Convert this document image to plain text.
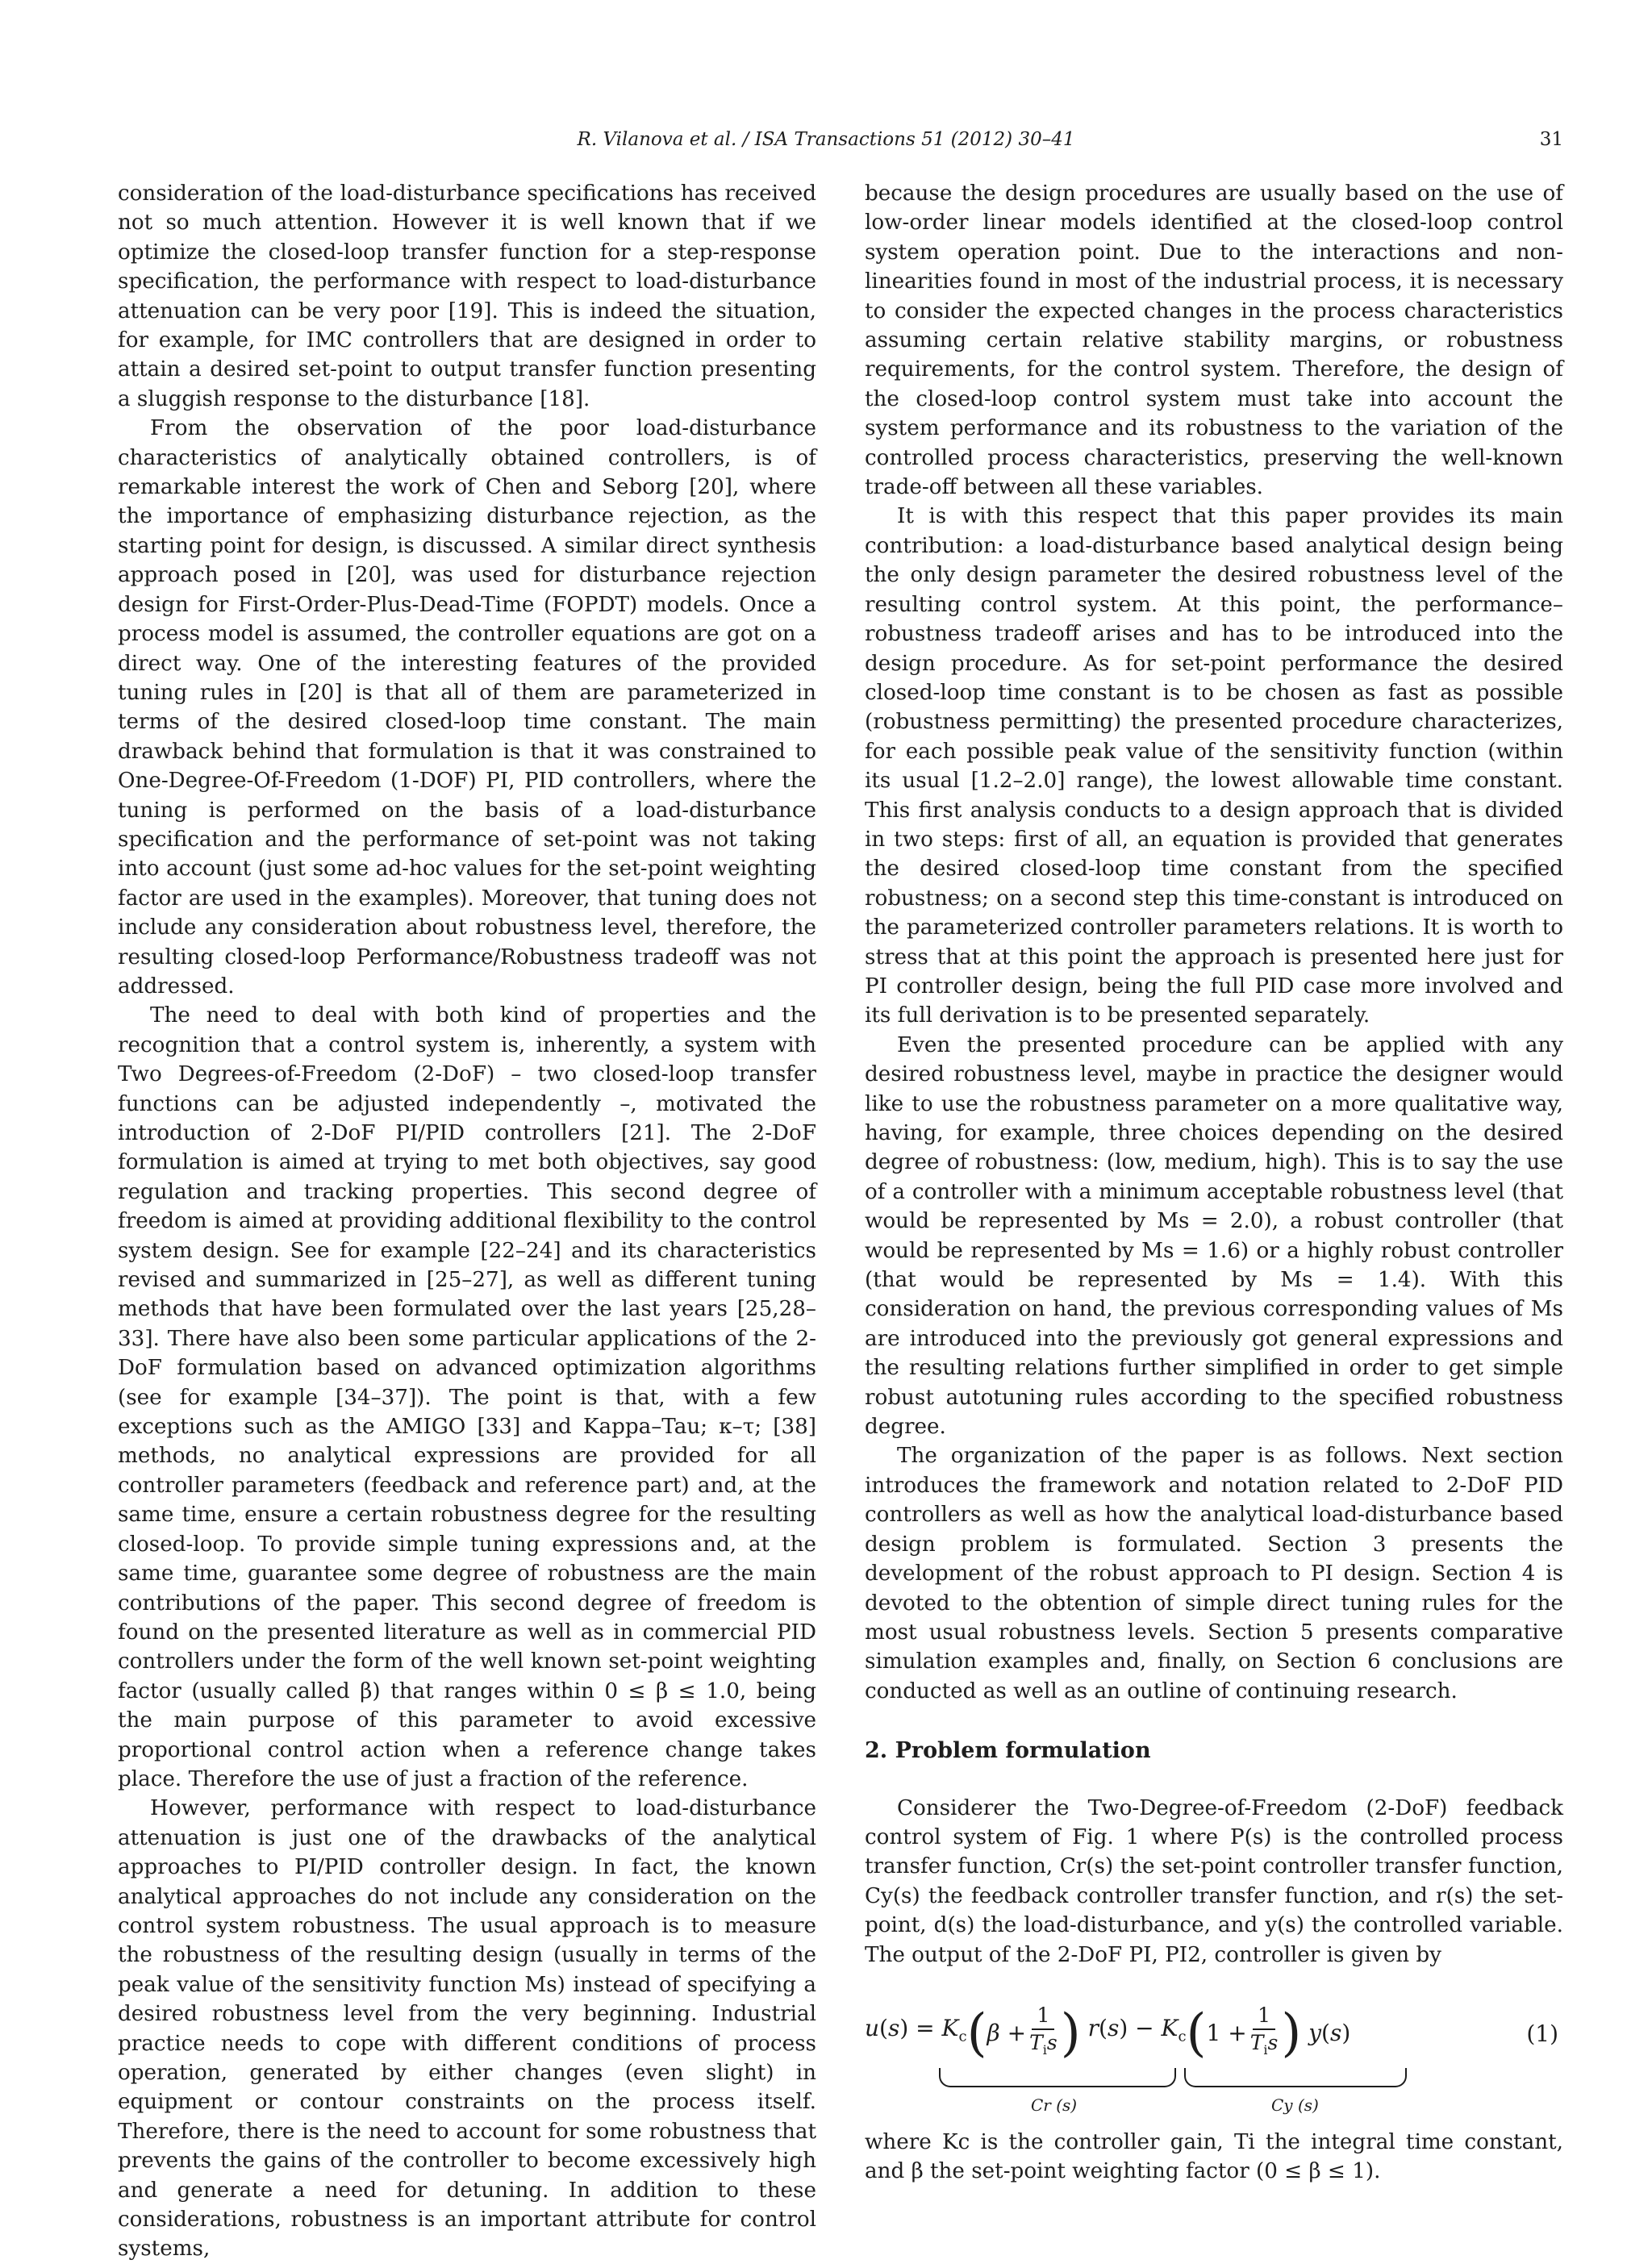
R. Vilanova et al. / ISA Transactions 51 (2012) 30–41	31

consideration of the load-disturbance specifications has received not so much attention. However it is well known that if we optimize the closed-loop transfer function for a step-response specification, the performance with respect to load-disturbance attenuation can be very poor [19]. This is indeed the situation, for example, for IMC controllers that are designed in order to attain a desired set-point to output transfer function presenting a sluggish response to the disturbance [18].

From the observation of the poor load-disturbance characteristics of analytically obtained controllers, is of remarkable interest the work of Chen and Seborg [20], where the importance of emphasizing disturbance rejection, as the starting point for design, is discussed. A similar direct synthesis approach posed in [20], was used for disturbance rejection design for First-Order-Plus-Dead-Time (FOPDT) models. Once a process model is assumed, the controller equations are got on a direct way. One of the interesting features of the provided tuning rules in [20] is that all of them are parameterized in terms of the desired closed-loop time constant. The main drawback behind that formulation is that it was constrained to One-Degree-Of-Freedom (1-DOF) PI, PID controllers, where the tuning is performed on the basis of a load-disturbance specification and the performance of set-point was not taking into account (just some ad-hoc values for the set-point weighting factor are used in the examples). Moreover, that tuning does not include any consideration about robustness level, therefore, the resulting closed-loop Performance/Robustness tradeoff was not addressed.

The need to deal with both kind of properties and the recognition that a control system is, inherently, a system with Two Degrees-of-Freedom (2-DoF) – two closed-loop transfer functions can be adjusted independently –, motivated the introduction of 2-DoF PI/PID controllers [21]. The 2-DoF formulation is aimed at trying to met both objectives, say good regulation and tracking properties. This second degree of freedom is aimed at providing additional flexibility to the control system design. See for example [22–24] and its characteristics revised and summarized in [25–27], as well as different tuning methods that have been formulated over the last years [25,28–33]. There have also been some particular applications of the 2-DoF formulation based on advanced optimization algorithms (see for example [34–37]). The point is that, with a few exceptions such as the AMIGO [33] and Kappa–Tau; κ–τ; [38] methods, no analytical expressions are provided for all controller parameters (feedback and reference part) and, at the same time, ensure a certain robustness degree for the resulting closed-loop. To provide simple tuning expressions and, at the same time, guarantee some degree of robustness are the main contributions of the paper. This second degree of freedom is found on the presented literature as well as in commercial PID controllers under the form of the well known set-point weighting factor (usually called β) that ranges within 0 ≤ β ≤ 1.0, being the main purpose of this parameter to avoid excessive proportional control action when a reference change takes place. Therefore the use of just a fraction of the reference.

However, performance with respect to load-disturbance attenuation is just one of the drawbacks of the analytical approaches to PI/PID controller design. In fact, the known analytical approaches do not include any consideration on the control system robustness. The usual approach is to measure the robustness of the resulting design (usually in terms of the peak value of the sensitivity function Ms) instead of specifying a desired robustness level from the very beginning. Industrial practice needs to cope with different conditions of process operation, generated by either changes (even slight) in equipment or contour constraints on the process itself. Therefore, there is the need to account for some robustness that prevents the gains of the controller to become excessively high and generate a need for detuning. In addition to these considerations, robustness is an important attribute for control systems,

because the design procedures are usually based on the use of low-order linear models identified at the closed-loop control system operation point. Due to the interactions and non-linearities found in most of the industrial process, it is necessary to consider the expected changes in the process characteristics assuming certain relative stability margins, or robustness requirements, for the control system. Therefore, the design of the closed-loop control system must take into account the system performance and its robustness to the variation of the controlled process characteristics, preserving the well-known trade-off between all these variables.

It is with this respect that this paper provides its main contribution: a load-disturbance based analytical design being the only design parameter the desired robustness level of the resulting control system. At this point, the performance–robustness tradeoff arises and has to be introduced into the design procedure. As for set-point performance the desired closed-loop time constant is to be chosen as fast as possible (robustness permitting) the presented procedure characterizes, for each possible peak value of the sensitivity function (within its usual [1.2–2.0] range), the lowest allowable time constant. This first analysis conducts to a design approach that is divided in two steps: first of all, an equation is provided that generates the desired closed-loop time constant from the specified robustness; on a second step this time-constant is introduced on the parameterized controller parameters relations. It is worth to stress that at this point the approach is presented here just for PI controller design, being the full PID case more involved and its full derivation is to be presented separately.

Even the presented procedure can be applied with any desired robustness level, maybe in practice the designer would like to use the robustness parameter on a more qualitative way, having, for example, three choices depending on the desired degree of robustness: (low, medium, high). This is to say the use of a controller with a minimum acceptable robustness level (that would be represented by Ms = 2.0), a robust controller (that would be represented by Ms = 1.6) or a highly robust controller (that would be represented by Ms = 1.4). With this consideration on hand, the previous corresponding values of Ms are introduced into the previously got general expressions and the resulting relations further simplified in order to get simple robust autotuning rules according to the specified robustness degree.

The organization of the paper is as follows. Next section introduces the framework and notation related to 2-DoF PID controllers as well as how the analytical load-disturbance based design problem is formulated. Section 3 presents the development of the robust approach to PI design. Section 4 is devoted to the obtention of simple direct tuning rules for the most usual robustness levels. Section 5 presents comparative simulation examples and, finally, on Section 6 conclusions are conducted as well as an outline of continuing research.

2. Problem formulation

Considerer the Two-Degree-of-Freedom (2-DoF) feedback control system of Fig. 1 where P(s) is the controlled process transfer function, Cr(s) the set-point controller transfer function, Cy(s) the feedback controller transfer function, and r(s) the set-point, d(s) the load-disturbance, and y(s) the controlled variable. The output of the 2-DoF PI, PI2, controller is given by

$u(s) = K_c$ ( $\beta + \frac{1}{T_is}$ ) $r(s) - K_c$ ( $1 + \frac{1}{T_is}$ ) y(s)	(1)
Cr (s)	Cy (s)

where Kc is the controller gain, Ti the integral time constant, and β the set-point weighting factor (0 ≤ β ≤ 1).
